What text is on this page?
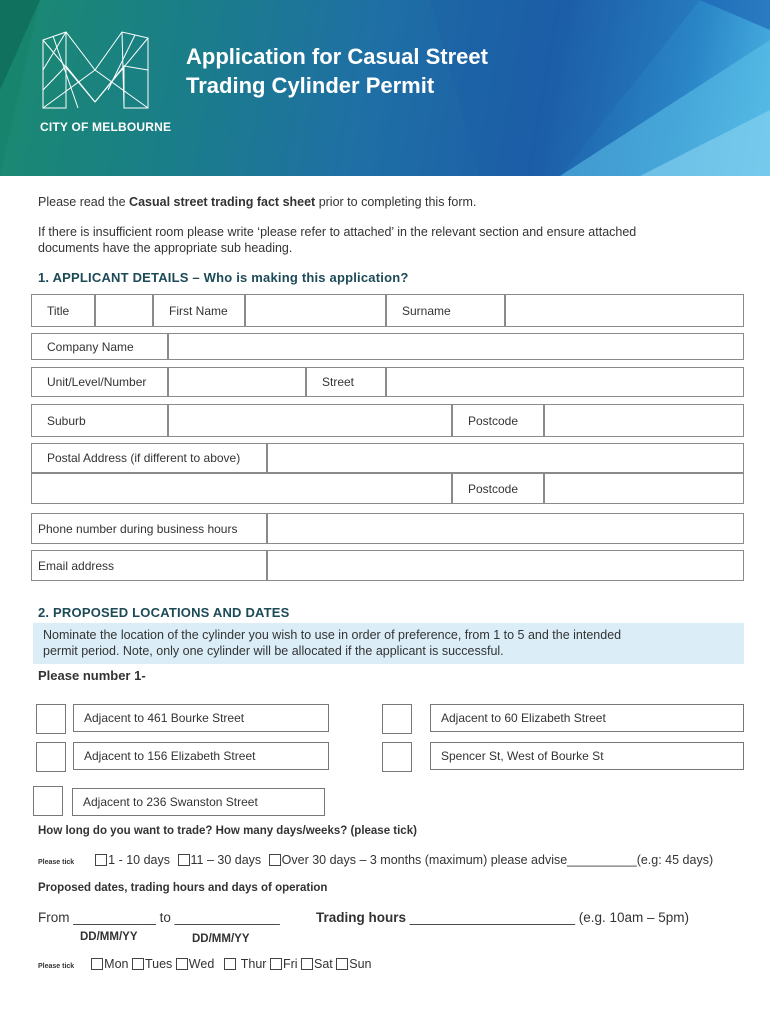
CITY OF MELBOURNE
Application for Casual Street
Trading Cylinder Permit
Please read the Casual street trading fact sheet prior to completing this form.
If there is insufficient room please write ‘please refer to attached’ in the relevant section and ensure attached
documents have the appropriate sub heading.
1. APPLICANT DETAILS – Who is making this application?
Title	First Name	Surname
Company Name
Unit/Level/Number	Street
Suburb	Postcode
Postal Address (if different to above)
Postcode
Phone number during business hours
Email address
2. PROPOSED LOCATIONS AND DATES
Nominate the location of the cylinder you wish to use in order of preference, from 1 to 5 and the intended
permit period. Note, only one cylinder will be allocated if the applicant is successful.
Please number 1-
Adjacent to 461 Bourke Street	Adjacent to 60 Elizabeth Street
Adjacent to 156 Elizabeth Street	Spencer St, West of Bourke St
Adjacent to 236 Swanston Street
How long do you want to trade? How many days/weeks? (please tick)
Please tick	1 - 10 days 11 – 30 days Over 30 days – 3 months (maximum) please advise__________(e.g: 45 days)
Proposed dates, trading hours and days of operation
From ___________ to ______________	Trading hours ______________________ (e.g. 10am – 5pm)
DD/MM/YY	DD/MM/YY
Please tick Mon Tues Wed Thur Fri Sat Sun
